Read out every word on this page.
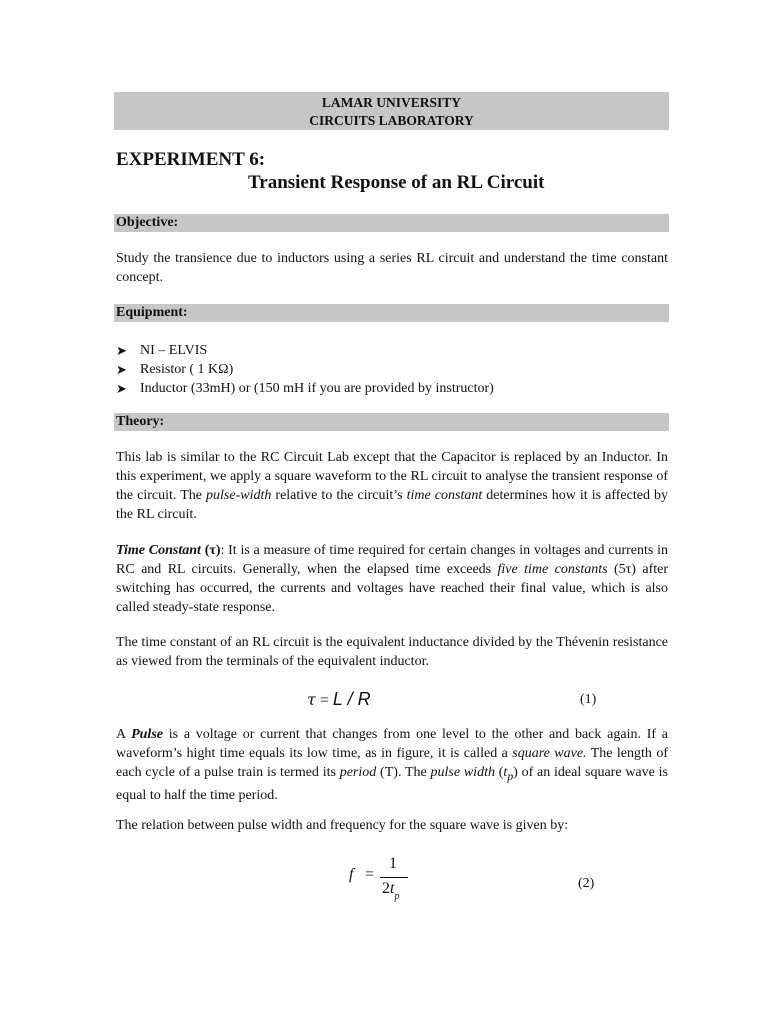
LAMAR UNIVERSITY
CIRCUITS LABORATORY
EXPERIMENT 6:
Transient Response of an RL Circuit
Objective:
Study the transience due to inductors using a series RL circuit and understand the time constant concept.
Equipment:
➤ NI – ELVIS
➤ Resistor ( 1 KΩ)
➤ Inductor (33mH) or (150 mH if you are provided by instructor)
Theory:
This lab is similar to the RC Circuit Lab except that the Capacitor is replaced by an Inductor. In this experiment, we apply a square waveform to the RL circuit to analyse the transient response of the circuit. The pulse-width relative to the circuit’s time constant determines how it is affected by the RL circuit.
Time Constant (τ): It is a measure of time required for certain changes in voltages and currents in RC and RL circuits. Generally, when the elapsed time exceeds five time constants (5τ) after switching has occurred, the currents and voltages have reached their final value, which is also called steady-state response.
The time constant of an RL circuit is the equivalent inductance divided by the Thévenin resistance as viewed from the terminals of the equivalent inductor.
τ = L / R	(1)
A Pulse is a voltage or current that changes from one level to the other and back again. If a waveform’s hight time equals its low time, as in figure, it is called a square wave. The length of each cycle of a pulse train is termed its period (T). The pulse width $(t_p)$ of an ideal square wave is equal to half the time period.
The relation between pulse width and frequency for the square wave is given by:
f =
1
$2t_p$
(2)
